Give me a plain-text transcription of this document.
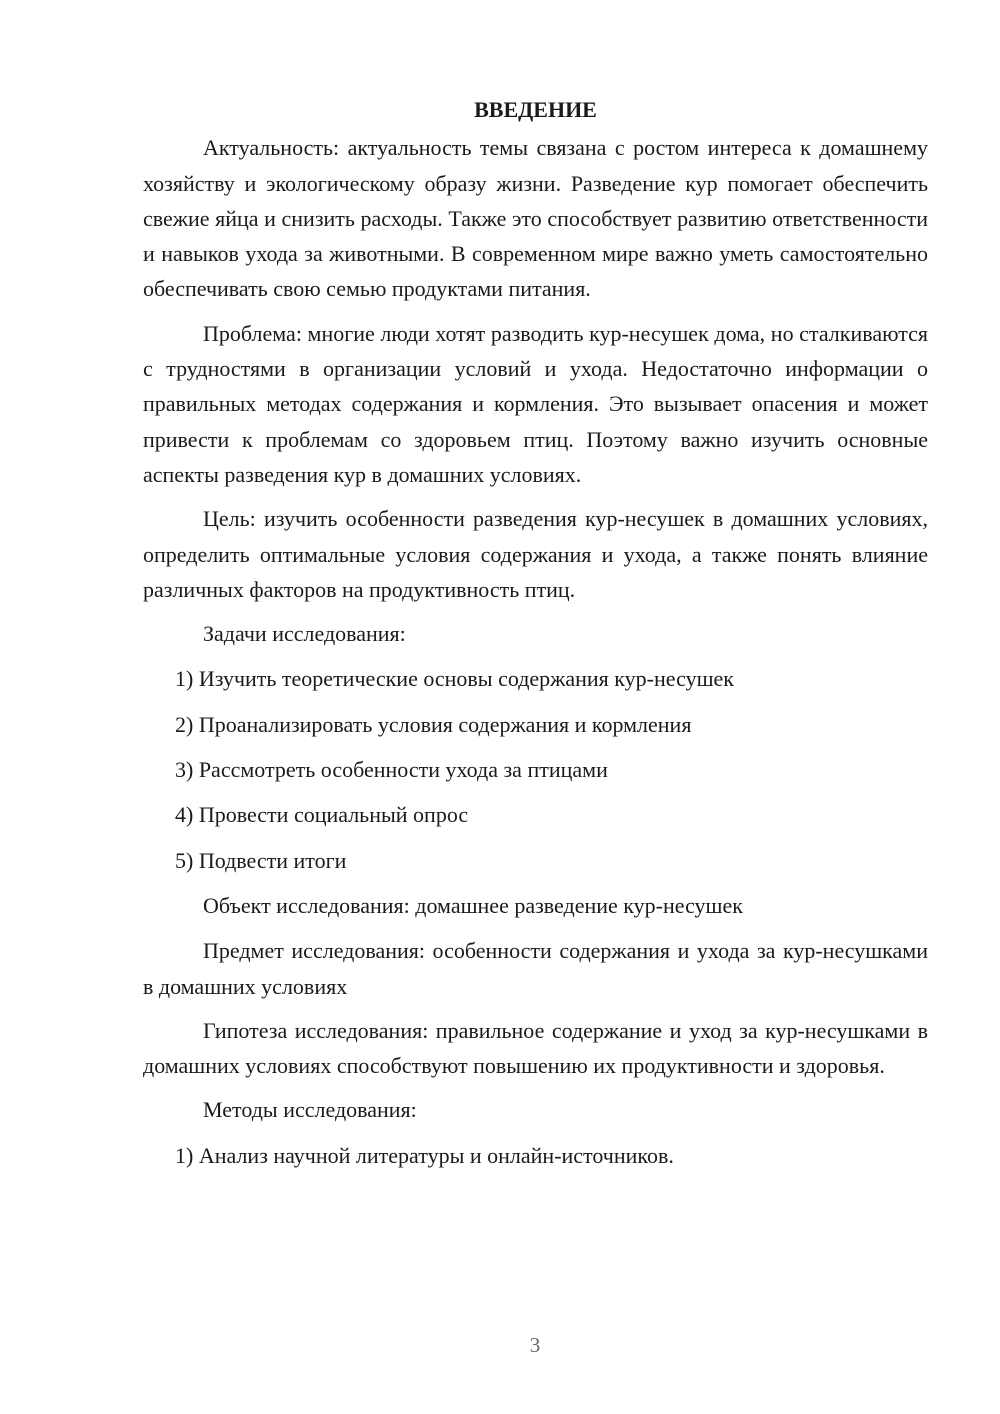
ВВЕДЕНИЕ

Актуальность: актуальность темы связана с ростом интереса к домашнему хозяйству и экологическому образу жизни. Разведение кур помогает обеспечить свежие яйца и снизить расходы. Также это способствует развитию ответственности и навыков ухода за животными. В современном мире важно уметь самостоятельно обеспечивать свою семью продуктами питания.

Проблема: многие люди хотят разводить кур-несушек дома, но сталкиваются с трудностями в организации условий и ухода. Недостаточно информации о правильных методах содержания и кормления. Это вызывает опасения и может привести к проблемам со здоровьем птиц. Поэтому важно изучить основные аспекты разведения кур в домашних условиях.

Цель: изучить особенности разведения кур-несушек в домашних условиях, определить оптимальные условия содержания и ухода, а также понять влияние различных факторов на продуктивность птиц.

Задачи исследования:
1) Изучить теоретические основы содержания кур-несушек
2) Проанализировать условия содержания и кормления
3) Рассмотреть особенности ухода за птицами
4) Провести социальный опрос
5) Подвести итоги
Объект исследования: домашнее разведение кур-несушек

Предмет исследования: особенности содержания и ухода за кур-несушками в домашних условиях

Гипотеза исследования: правильное содержание и уход за кур-несушками в домашних условиях способствуют повышению их продуктивности и здоровья.

Методы исследования:
1) Анализ научной литературы и онлайн-источников.
3
